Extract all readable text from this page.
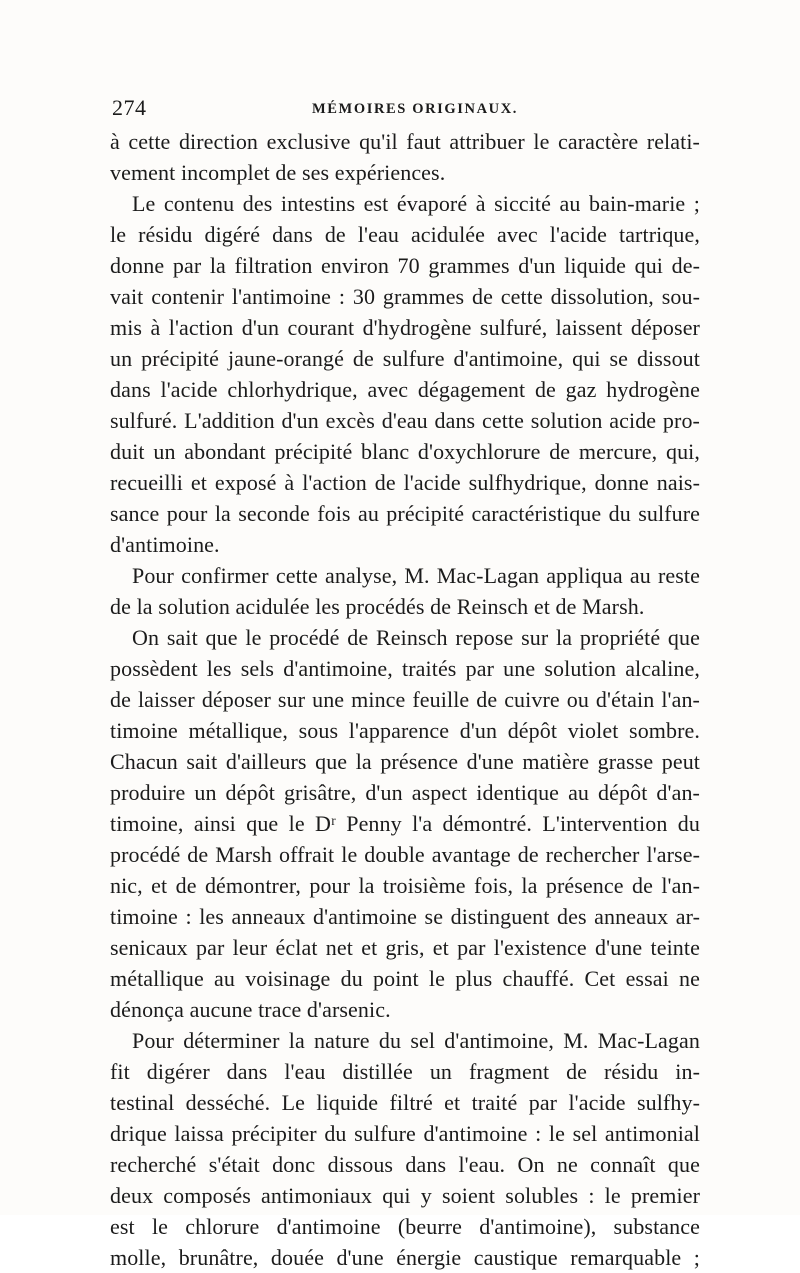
274	MÉMOIRES ORIGINAUX.
à cette direction exclusive qu'il faut attribuer le caractère relati-
vement incomplet de ses expériences.
Le contenu des intestins est évaporé à siccité au bain-marie ;
le résidu digéré dans de l'eau acidulée avec l'acide tartrique,
donne par la filtration environ 70 grammes d'un liquide qui de-
vait contenir l'antimoine : 30 grammes de cette dissolution, sou-
mis à l'action d'un courant d'hydrogène sulfuré, laissent déposer
un précipité jaune-orangé de sulfure d'antimoine, qui se dissout
dans l'acide chlorhydrique, avec dégagement de gaz hydrogène
sulfuré. L'addition d'un excès d'eau dans cette solution acide pro-
duit un abondant précipité blanc d'oxychlorure de mercure, qui,
recueilli et exposé à l'action de l'acide sulfhydrique, donne nais-
sance pour la seconde fois au précipité caractéristique du sulfure
d'antimoine.
Pour confirmer cette analyse, M. Mac-Lagan appliqua au reste
de la solution acidulée les procédés de Reinsch et de Marsh.
On sait que le procédé de Reinsch repose sur la propriété que
possèdent les sels d'antimoine, traités par une solution alcaline,
de laisser déposer sur une mince feuille de cuivre ou d'étain l'an-
timoine métallique, sous l'apparence d'un dépôt violet sombre.
Chacun sait d'ailleurs que la présence d'une matière grasse peut
produire un dépôt grisâtre, d'un aspect identique au dépôt d'an-
timoine, ainsi que le Dʳ Penny l'a démontré. L'intervention du
procédé de Marsh offrait le double avantage de rechercher l'arse-
nic, et de démontrer, pour la troisième fois, la présence de l'an-
timoine : les anneaux d'antimoine se distinguent des anneaux ar-
senicaux par leur éclat net et gris, et par l'existence d'une teinte
métallique au voisinage du point le plus chauffé. Cet essai ne
dénonça aucune trace d'arsenic.
Pour déterminer la nature du sel d'antimoine, M. Mac-Lagan
fit digérer dans l'eau distillée un fragment de résidu in-
testinal desséché. Le liquide filtré et traité par l'acide sulfhy-
drique laissa précipiter du sulfure d'antimoine : le sel antimonial
recherché s'était donc dissous dans l'eau. On ne connaît que
deux composés antimoniaux qui y soient solubles : le premier
est le chlorure d'antimoine (beurre d'antimoine), substance
molle, brunâtre, douée d'une énergie caustique remarquable ;
